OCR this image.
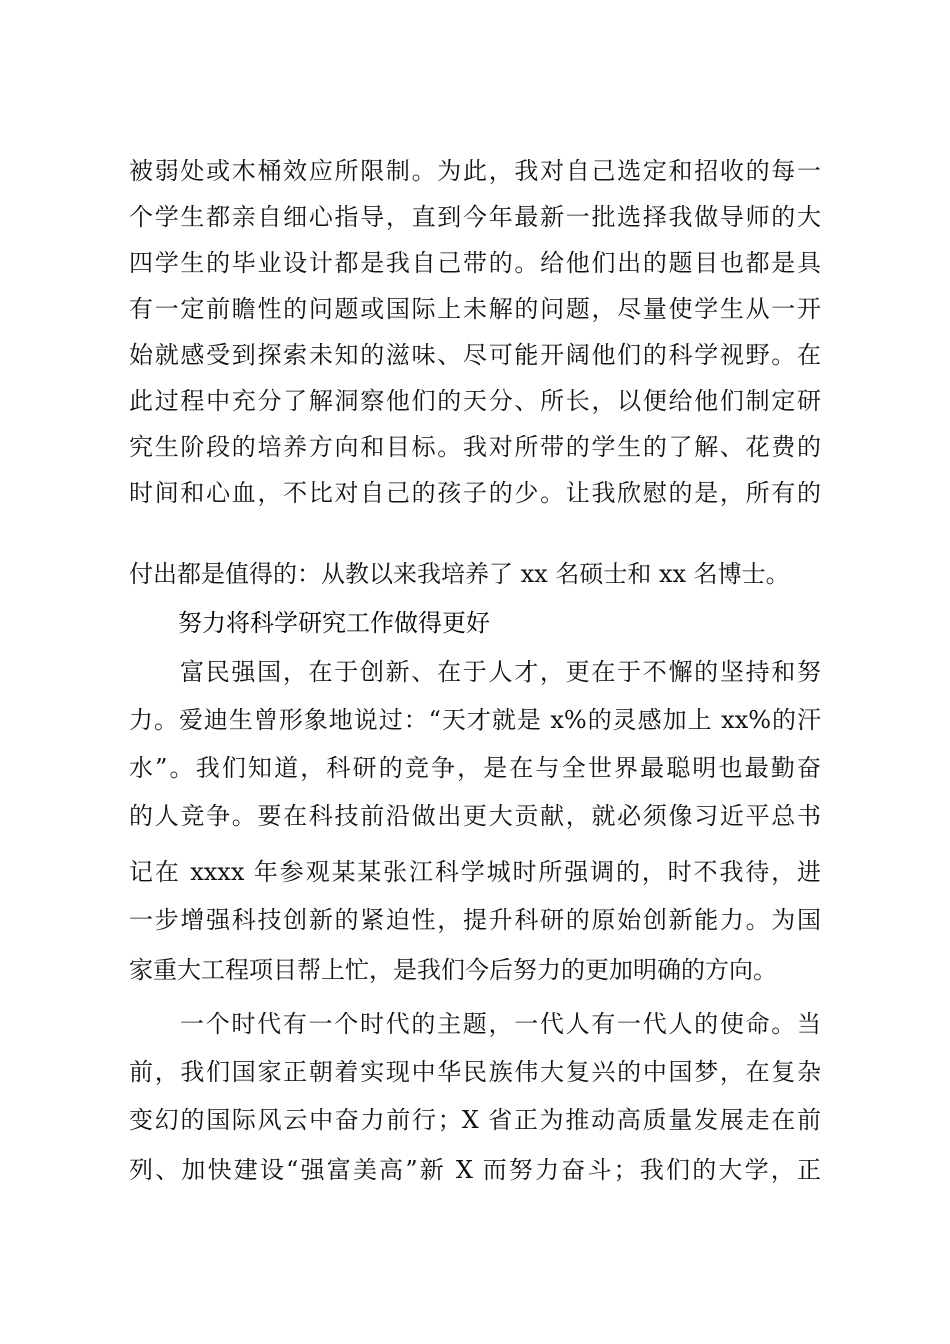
被弱处或木桶效应所限制。为此，我对自己选定和招收的每一
个学生都亲自细心指导，直到今年最新一批选择我做导师的大
四学生的毕业设计都是我自己带的。给他们出的题目也都是具
有一定前瞻性的问题或国际上未解的问题，尽量使学生从一开
始就感受到探索未知的滋味、尽可能开阔他们的科学视野。在
此过程中充分了解洞察他们的天分、所长，以便给他们制定研
究生阶段的培养方向和目标。我对所带的学生的了解、花费的
时间和心血，不比对自己的孩子的少。让我欣慰的是，所有的
付出都是值得的：从教以来我培养了 xx 名硕士和 xx 名博士。
努力将科学研究工作做得更好
富民强国，在于创新、在于人才，更在于不懈的坚持和努
力。爱迪生曾形象地说过：“天才就是 x%的灵感加上 xx%的汗
水”。我们知道，科研的竞争，是在与全世界最聪明也最勤奋
的人竞争。要在科技前沿做出更大贡献，就必须像习近平总书
记在 xxxx 年参观某某张江科学城时所强调的，时不我待，进
一步增强科技创新的紧迫性，提升科研的原始创新能力。为国
家重大工程项目帮上忙，是我们今后努力的更加明确的方向。
一个时代有一个时代的主题，一代人有一代人的使命。当
前，我们国家正朝着实现中华民族伟大复兴的中国梦，在复杂
变幻的国际风云中奋力前行；X 省正为推动高质量发展走在前
列、加快建设“强富美高”新 X 而努力奋斗；我们的大学，正
